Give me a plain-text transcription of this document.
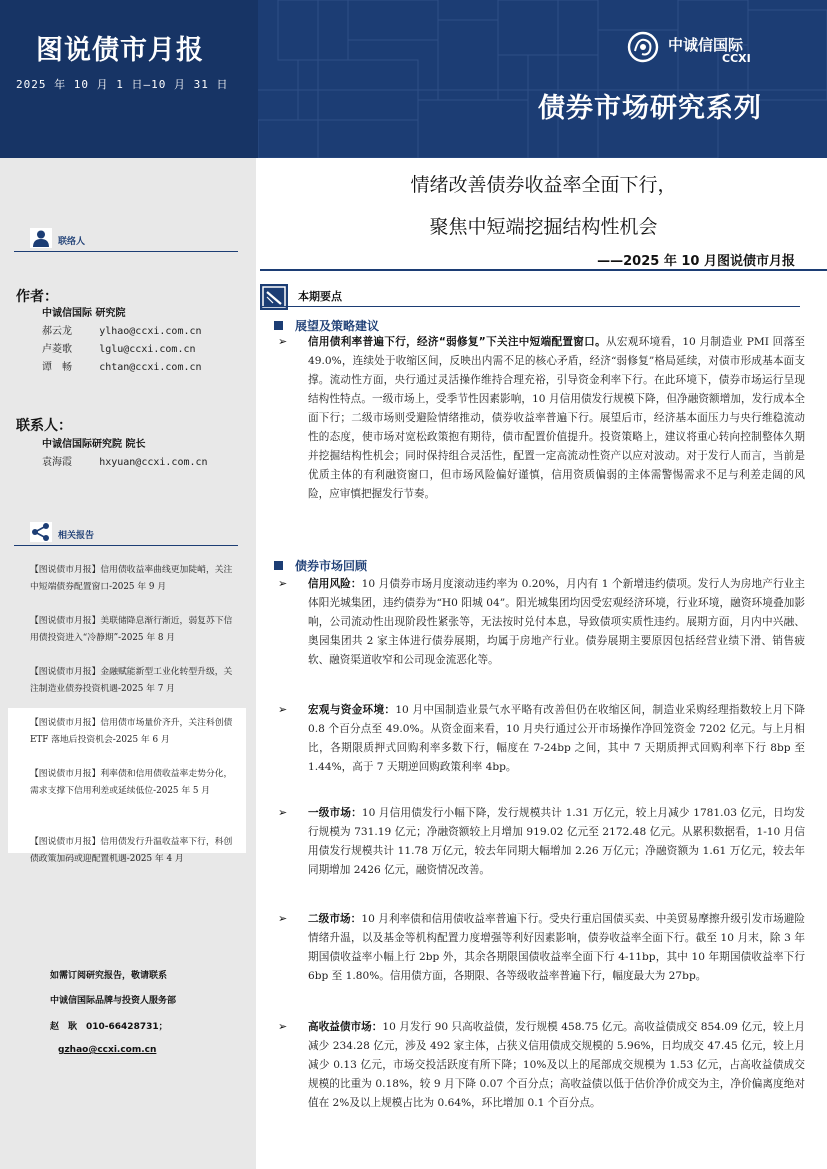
图说债市月报
2025 年 10 月 1 日—10 月 31 日
债券市场研究系列
中诚信国际
CCXI
情绪改善债券收益率全面下行，
聚焦中短端挖掘结构性机会
——2025 年 10 月图说债市月报
联络人
作者：
中诚信国际 研究院
郝云龙	ylhao@ccxi.com.cn
卢菱歌	lglu@ccxi.com.cn
谭　畅	chtan@ccxi.com.cn
联系人：
中诚信国际研究院 院长
袁海霞	hxyuan@ccxi.com.cn
相关报告
【图说债市月报】信用债收益率曲线更加陡峭，关注中短端债券配置窗口-2025 年 9 月
【图说债市月报】美联储降息渐行渐近，弱复苏下信用债投资进入“冷静期”-2025 年 8 月
【图说债市月报】金融赋能新型工业化转型升级，关注制造业债券投资机遇-2025 年 7 月
【图说债市月报】信用债市场量价齐升，关注科创债ETF 落地后投资机会-2025 年 6 月
【图说债市月报】利率债和信用债收益率走势分化，需求支撑下信用利差或延续低位-2025 年 5 月
【图说债市月报】信用债发行升温收益率下行，科创债政策加码或迎配置机遇-2025 年 4 月
如需订阅研究报告，敬请联系
中诚信国际品牌与投资人服务部
赵　耿　010-66428731；
gzhao@ccxi.com.cn
本期要点
展望及策略建议
➢ 信用债利率普遍下行，经济“弱修复”下关注中短端配置窗口。从宏观环境看，10 月制造业 PMI 回落至 49.0%，连续处于收缩区间，反映出内需不足的核心矛盾，经济“弱修复”格局延续，对债市形成基本面支撑。流动性方面，央行通过灵活操作维持合理充裕，引导资金利率下行。在此环境下，债券市场运行呈现结构性特点。一级市场上，受季节性因素影响，10 月信用债发行规模下降，但净融资额增加，发行成本全面下行；二级市场则受避险情绪推动，债券收益率普遍下行。展望后市，经济基本面压力与央行维稳流动性的态度，使市场对宽松政策抱有期待，债市配置价值提升。投资策略上，建议将重心转向控制整体久期并挖掘结构性机会；同时保持组合灵活性，配置一定高流动性资产以应对波动。对于发行人而言，当前是优质主体的有利融资窗口，但市场风险偏好谨慎，信用资质偏弱的主体需警惕需求不足与利差走阔的风险，应审慎把握发行节奏。
债券市场回顾
➢ 信用风险：10 月债券市场月度滚动违约率为 0.20%，月内有 1 个新增违约债项。发行人为房地产行业主体阳光城集团，违约债券为“H0 阳城 04”。阳光城集团均因受宏观经济环境，行业环境，融资环境叠加影响，公司流动性出现阶段性紧张等，无法按时兑付本息，导致债项实质性违约。展期方面，月内中兴融、奥园集团共 2 家主体进行债券展期，均属于房地产行业。债券展期主要原因包括经营业绩下滑、销售疲软、融资渠道收窄和公司现金流恶化等。
➢ 宏观与资金环境：10 月中国制造业景气水平略有改善但仍在收缩区间，制造业采购经理指数较上月下降 0.8 个百分点至 49.0%。从资金面来看，10 月央行通过公开市场操作净回笼资金 7202 亿元。与上月相比，各期限质押式回购利率多数下行，幅度在 7-24bp 之间，其中 7 天期质押式回购利率下行 8bp 至 1.44%，高于 7 天期逆回购政策利率 4bp。
➢ 一级市场：10 月信用债发行小幅下降，发行规模共计 1.31 万亿元，较上月减少 1781.03 亿元，日均发行规模为 731.19 亿元；净融资额较上月增加 919.02 亿元至 2172.48 亿元。从累积数据看，1-10 月信用债发行规模共计 11.78 万亿元，较去年同期大幅增加 2.26 万亿元；净融资额为 1.61 万亿元，较去年同期增加 2426 亿元，融资情况改善。
➢ 二级市场：10 月利率债和信用债收益率普遍下行。受央行重启国债买卖、中美贸易摩擦升级引发市场避险情绪升温，以及基金等机构配置力度增强等利好因素影响，债券收益率全面下行。截至 10 月末，除 3 年期国债收益率小幅上行 2bp 外，其余各期限国债收益率全面下行 4-11bp，其中 10 年期国债收益率下行 6bp 至 1.80%。信用债方面，各期限、各等级收益率普遍下行，幅度最大为 27bp。
➢ 高收益债市场：10 月发行 90 只高收益债，发行规模 458.75 亿元。高收益债成交 854.09 亿元，较上月减少 234.28 亿元，涉及 492 家主体，占狭义信用债成交规模的 5.96%，日均成交 47.45 亿元，较上月减少 0.13 亿元，市场交投活跃度有所下降；10%及以上的尾部成交规模为 1.53 亿元，占高收益债成交规模的比重为 0.18%，较 9 月下降 0.07 个百分点；高收益债以低于估价净价成交为主，净价偏离度绝对值在 2%及以上规模占比为 0.64%，环比增加 0.1 个百分点。
